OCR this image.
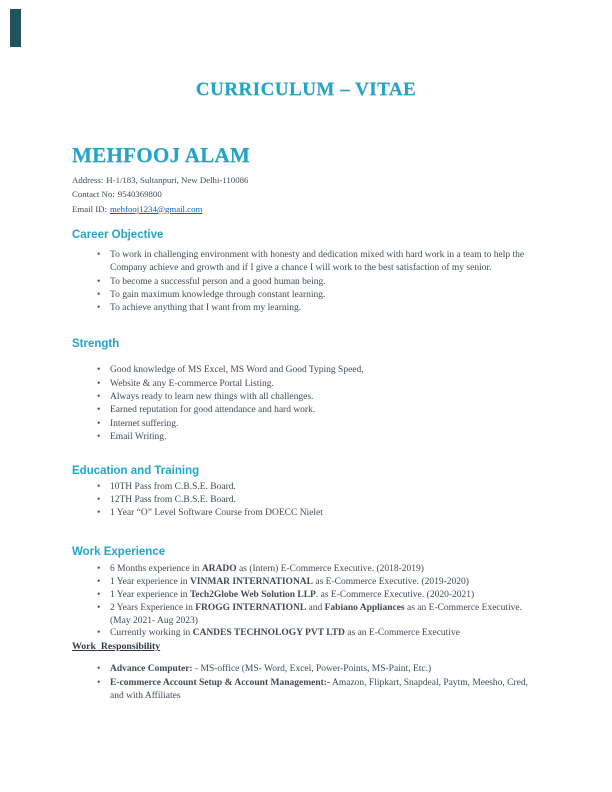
CURRICULUM – VITAE
MEHFOOJ ALAM
Address: H-1/183, Sultanpuri, New Delhi-110086
Contact No: 9540369800
Email ID: mehfooj1234@gmail.com
Career Objective
•	To work in challenging environment with honesty and dedication mixed with hard work in a team to help the Company achieve and growth and if I give a chance I will work to the best satisfaction of my senior.
•	To become a successful person and a good human being.
•	To gain maximum knowledge through constant learning.
•	To achieve anything that I want from my learning.
Strength
•	Good knowledge of MS Excel, MS Word and Good Typing Speed,
•	Website & any E-commerce Portal Listing.
•	Always ready to learn new things with all challenges.
•	Earned reputation for good attendance and hard work.
•	Internet suffering.
•	Email Writing.
Education and Training
•	10TH Pass from C.B.S.E. Board.
•	12TH Pass from C.B.S.E. Board.
•	1 Year “O” Level Software Course from DOECC Nielet
Work Experience
•	6 Months experience in ARADO as (Intern) E-Commerce Executive. (2018-2019)
•	1 Year experience in VINMAR INTERNATIONAL as E-Commerce Executive. (2019-2020)
•	1 Year experience in Tech2Globe Web Solution LLP. as E-Commerce Executive. (2020-2021)
•	2 Years Experience in FROGG INTERNATIONL and Fabiano Appliances as an E-Commerce Executive. (May 2021- Aug 2023)
•	Currently working in CANDES TECHNOLOGY PVT LTD as an E-Commerce Executive
Work  Responsibility
•	Advance Computer: - MS-office (MS- Word, Excel, Power-Points, MS-Paint, Etc.)
•	E-commerce Account Setup & Account Management:- Amazon, Flipkart, Snapdeal, Paytm, Meesho, Cred, and with Affiliates
